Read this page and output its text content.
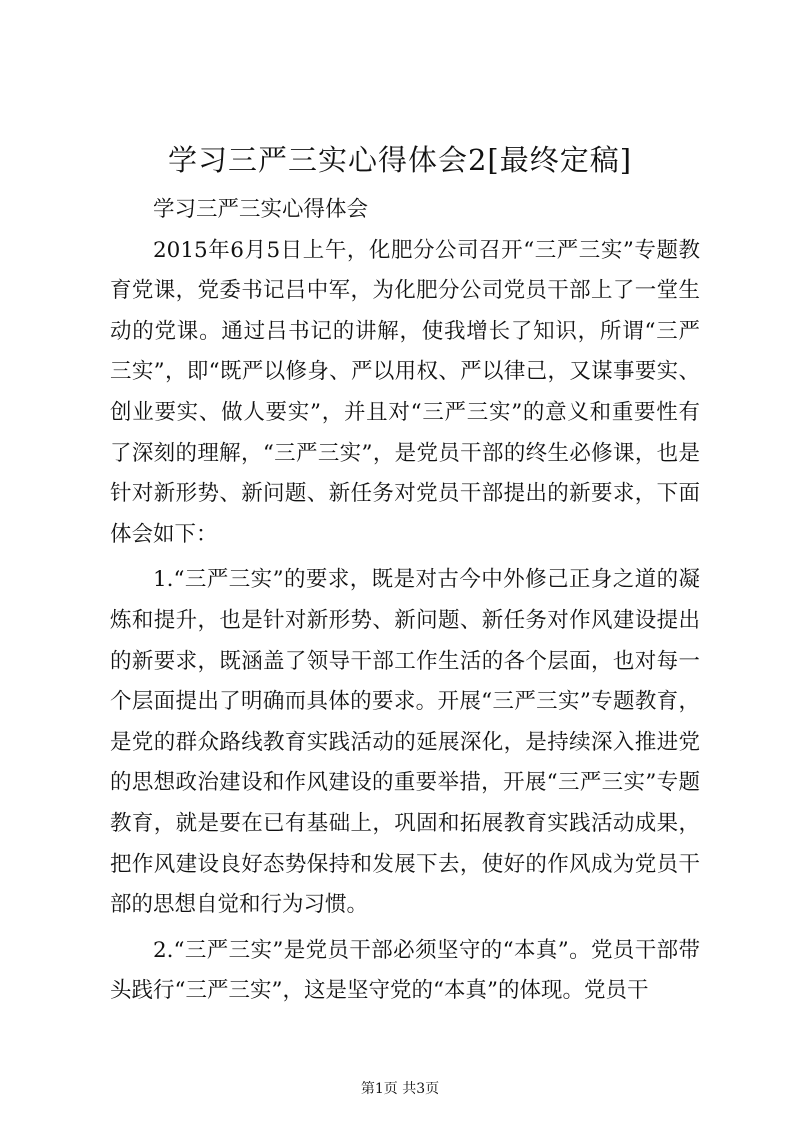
学习三严三实心得体会2[最终定稿]

学习三严三实心得体会

2015年6月5日上午，化肥分公司召开“三严三实”专题教育党课，党委书记吕中军，为化肥分公司党员干部上了一堂生动的党课。通过吕书记的讲解，使我增长了知识，所谓“三严三实”，即“既严以修身、严以用权、严以律己，又谋事要实、创业要实、做人要实”，并且对“三严三实”的意义和重要性有了深刻的理解，“三严三实”，是党员干部的终生必修课，也是针对新形势、新问题、新任务对党员干部提出的新要求，下面体会如下：

1.“三严三实”的要求，既是对古今中外修己正身之道的凝炼和提升，也是针对新形势、新问题、新任务对作风建设提出的新要求，既涵盖了领导干部工作生活的各个层面，也对每一个层面提出了明确而具体的要求。开展“三严三实”专题教育，是党的群众路线教育实践活动的延展深化，是持续深入推进党的思想政治建设和作风建设的重要举措，开展“三严三实”专题教育，就是要在已有基础上，巩固和拓展教育实践活动成果，把作风建设良好态势保持和发展下去，使好的作风成为党员干部的思想自觉和行为习惯。

2.“三严三实”是党员干部必须坚守的“本真”。党员干部带头践行“三严三实”，这是坚守党的“本真”的体现。党员干

第1页 共3页
